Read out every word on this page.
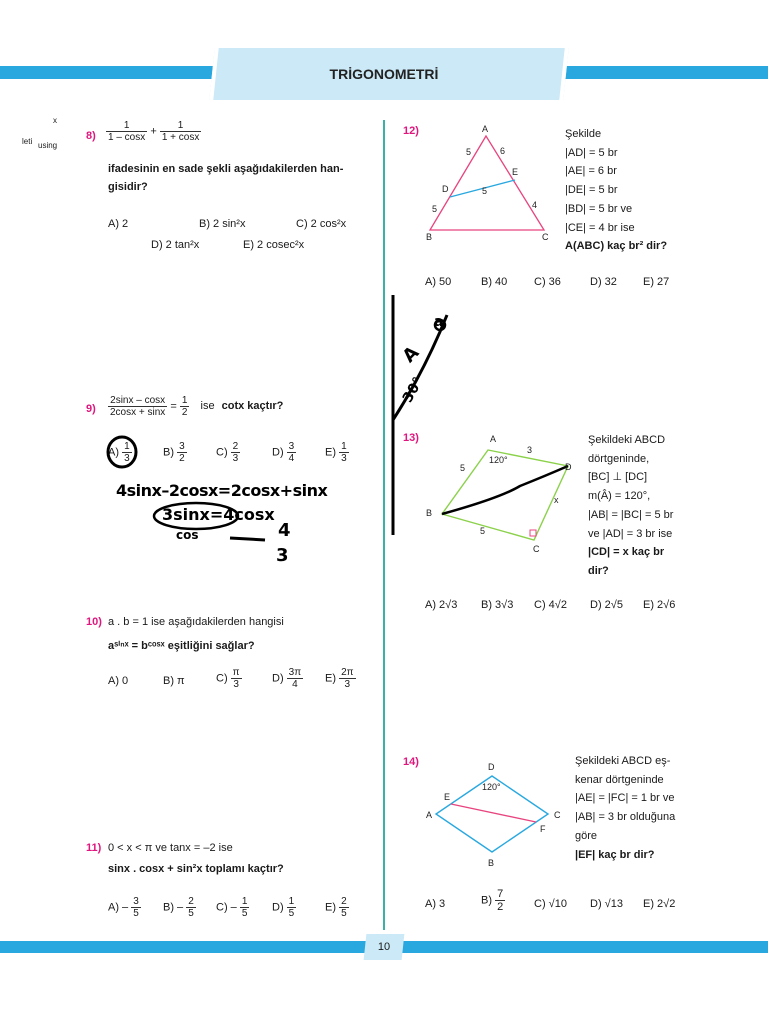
TRİGONOMETRİ
x
leti using
$8) \frac{1}{1 - \cos x} + \frac{1}{1 + \cos x}$
ifadesinin en sade şekli aşağıdakilerden han-
gisidir?
A) 2	B) 2 sin²x	C) 2 cos²x
D) 2 tan²x	E) 2 cosec²x
$9) \frac{2\sin x - \cos x}{2\cos x + \sin x} = \frac{1}{2}$ ise cotx kaçtır?
$A) \frac{1}{3}$	$B) \frac{3}{2}$	$C) \frac{2}{3}$	$D) \frac{3}{4}$	$E) \frac{1}{3}$
4sinx–2cosx=2cosx+sinx
3sinx=4cosx
cos	4
3
A
a
30°
10) a . b = 1 ise aşağıdakilerden hangisi
aˢⁱⁿˣ = bᶜᵒˢˣ eşitliğini sağlar?
A) 0	B) π	$C) \frac{\pi}{3}$	$D) \frac{3\pi}{4} E) \frac{2\pi}{3}$
11) 0 < x < π ve tanx = –2 ise
sinx . cosx + sin²x toplamı kaçtır?
$A) - \frac{3}{5} B) - \frac{2}{5} C) - \frac{1}{5} D) \frac{1}{5}$	$E) \frac{2}{5}$
12)	A
B	C
D
E
5	6
5
5	4
Şekilde
|AD| = 5 br
|AE| = 6 br
|DE| = 5 br
|BD| = 5 br ve
|CE| = 4 br ise
A(ABC) kaç br² dir?
A) 50	B) 40 C) 36	D) 32 E) 27
13)	A
B
C
D
120°
3
5
5
x
Şekildeki ABCD
dörtgeninde,
[BC] ⊥ [DC]
m(Â) = 120°,
|AB| = |BC| = 5 br
ve |AD| = 3 br ise
|CD| = x kaç br
dir?
A) 2√3 B) 3√3 C) 4√2 D) 2√5 E) 2√6
14)	D
A
B
C
E
F
120°
Şekildeki ABCD eş-
kenar dörtgeninde
|AE| = |FC| = 1 br ve
|AB| = 3 br olduğuna
göre
|EF| kaç br dir?
A) 3	$B) \frac{7}{2}$	C) √10 D) √13 E) 2√2
10
